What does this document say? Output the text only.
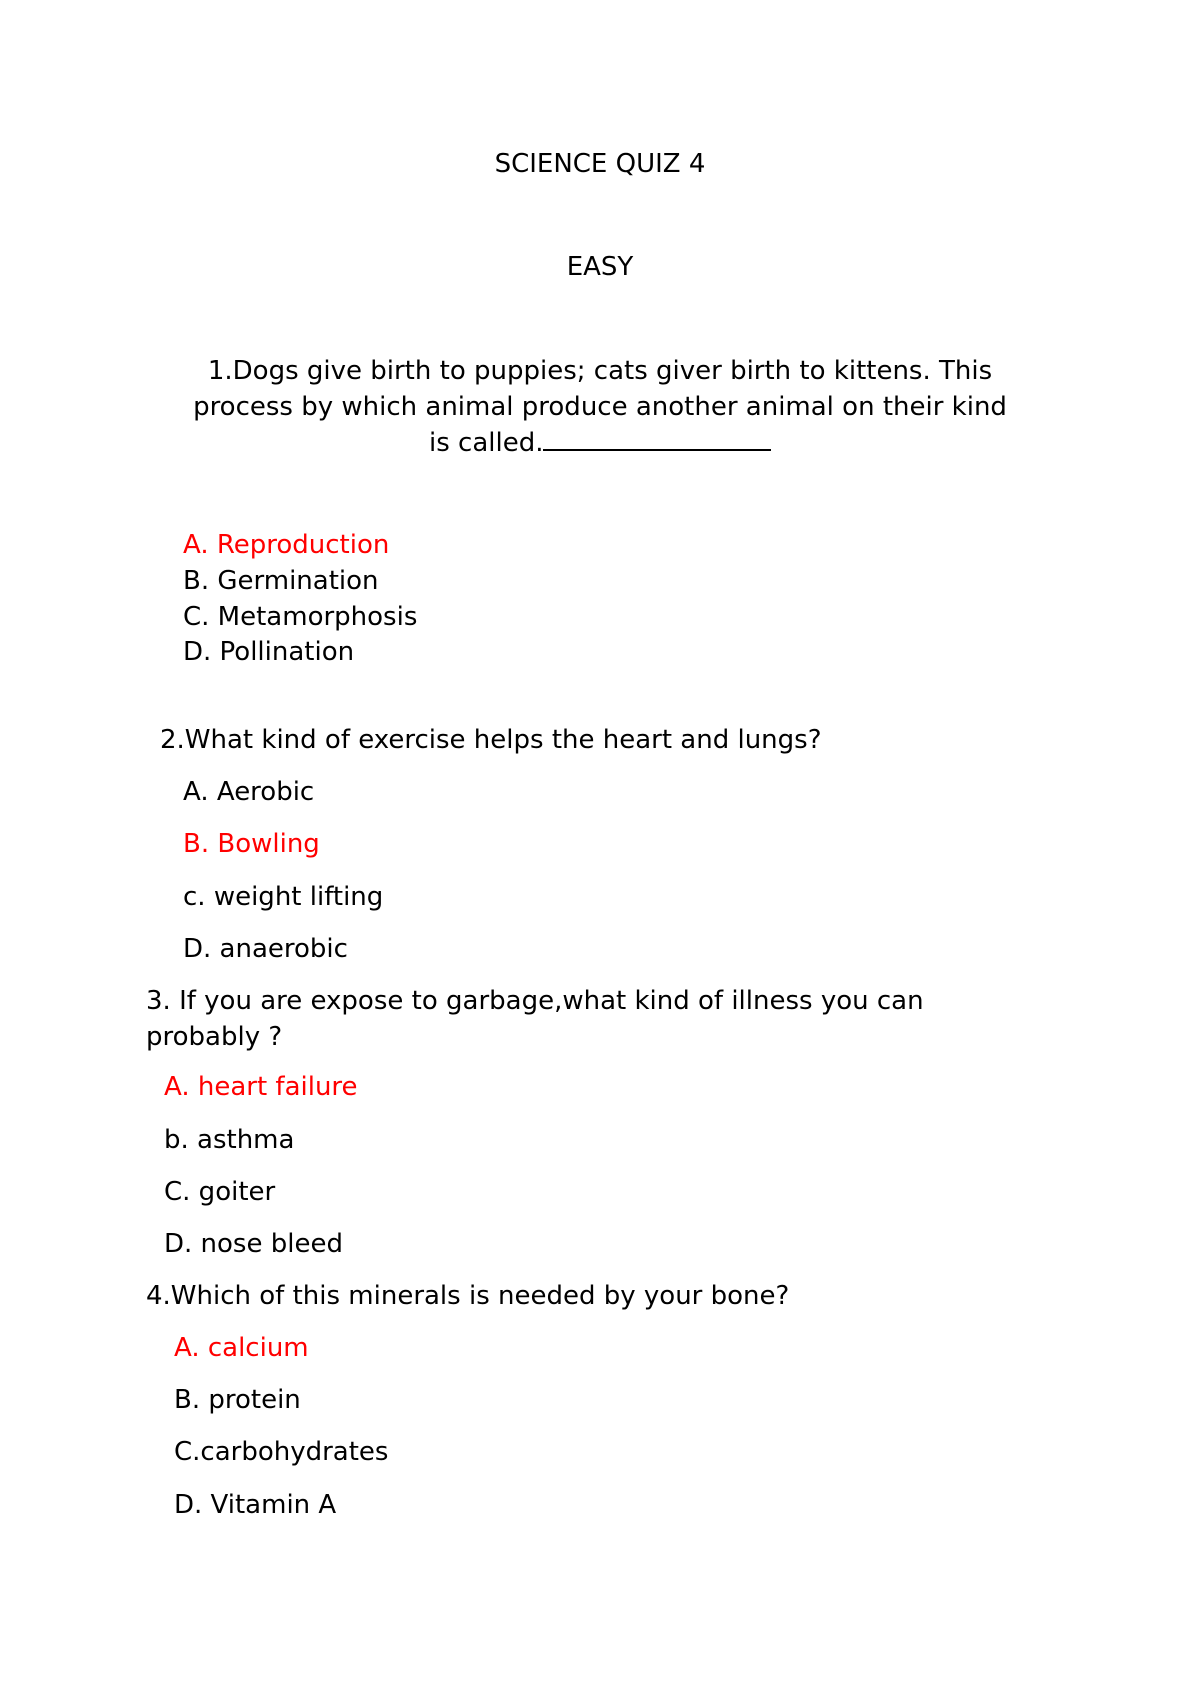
SCIENCE QUIZ 4
EASY
1.Dogs give birth to puppies; cats giver birth to kittens. This
process by which animal produce another animal on their kind
is called.
A. Reproduction
B. Germination
C. Metamorphosis
D. Pollination
2.What kind of exercise helps the heart and lungs?
A. Aerobic
B. Bowling
c. weight lifting
D. anaerobic
3. If you are expose to garbage,what kind of illness you can
probably ?
A. heart failure
b. asthma
C. goiter
D. nose bleed
4.Which of this minerals is needed by your bone?
A. calcium
B. protein
C.carbohydrates
D. Vitamin A
